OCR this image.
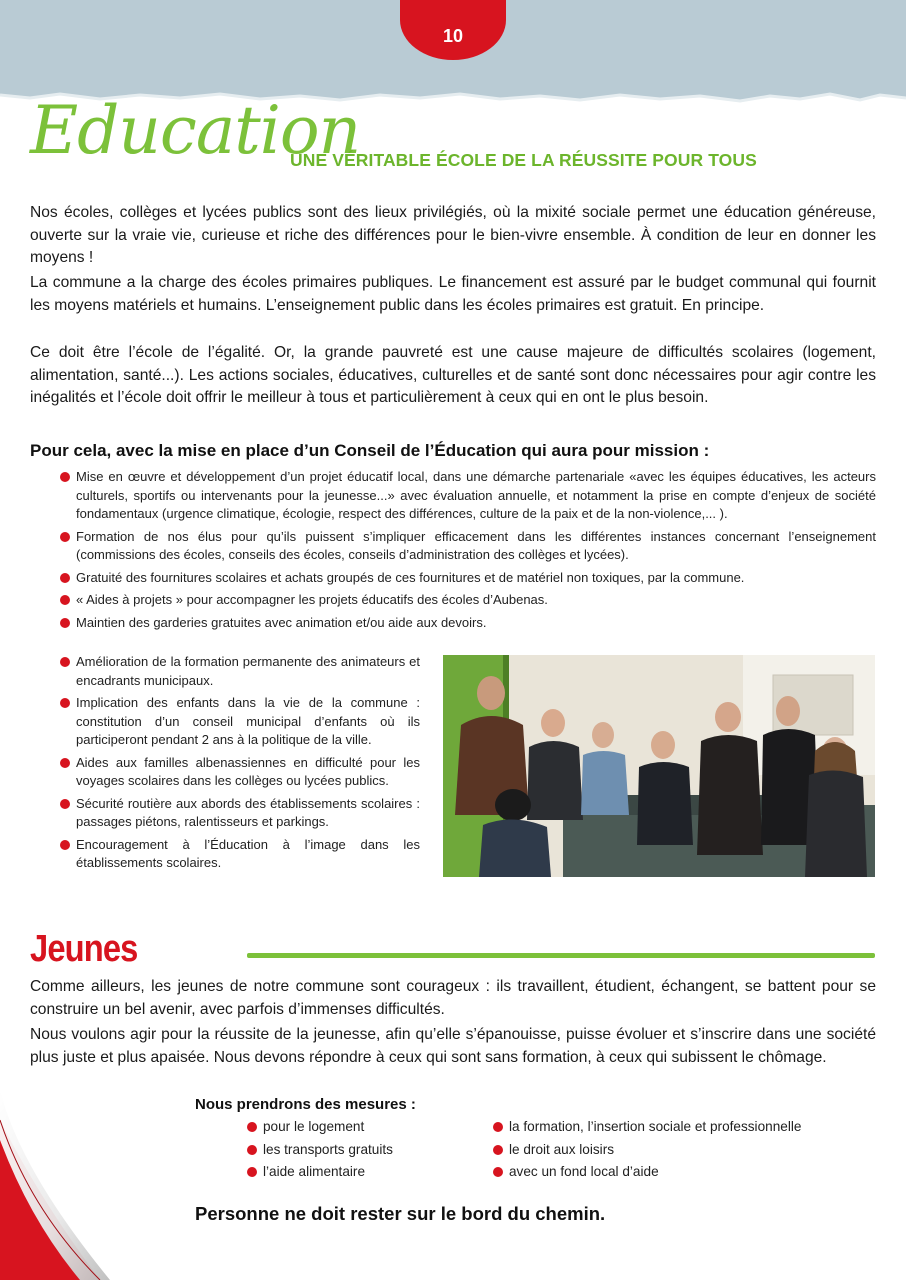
10
Education
UNE VÉRITABLE ÉCOLE DE LA RÉUSSITE POUR TOUS

Nos écoles, collèges et lycées publics sont des lieux privilégiés, où la mixité sociale permet une éducation généreuse, ouverte sur la vraie vie, curieuse et riche des différences pour le bien-vivre ensemble. À condition de leur en donner les moyens !

La commune a la charge des écoles primaires publiques. Le financement est assuré par le budget communal qui fournit les moyens matériels et humains. L’enseignement public dans les écoles primaires est gratuit. En principe.

Ce doit être l’école de l’égalité. Or, la grande pauvreté est une cause majeure de difficultés scolaires (logement, alimentation, santé...). Les actions sociales, éducatives, culturelles et de santé sont donc nécessaires pour agir contre les inégalités et l’école doit offrir le meilleur à tous et particulièrement à ceux qui en ont le plus besoin.

Pour cela, avec la mise en place d’un Conseil de l’Éducation qui aura pour mission :
Mise en œuvre et développement d’un projet éducatif local, dans une démarche partenariale «avec les équipes éducatives, les acteurs culturels, sportifs ou intervenants pour la jeunesse...» avec évaluation annuelle, et notamment la prise en compte d’enjeux de société fondamentaux (urgence climatique, écologie, respect des différences, culture de la paix et de la non-violence,... ).
Formation de nos élus pour qu’ils puissent s’impliquer efficacement dans les différentes instances concernant l’enseignement (commissions des écoles, conseils des écoles, conseils d’administration des collèges et lycées).
Gratuité des fournitures scolaires et achats groupés de ces fournitures et de matériel non toxiques, par la commune.
« Aides à projets » pour accompagner les projets éducatifs des écoles d’Aubenas.
Maintien des garderies gratuites avec animation et/ou aide aux devoirs.
Amélioration de la formation permanente des animateurs et encadrants municipaux.
Implication des enfants dans la vie de la commune : constitution d’un conseil municipal d’enfants où ils participeront pendant 2 ans à la politique de la ville.
Aides aux familles albenassiennes en difficulté pour les voyages scolaires dans les collèges ou lycées publics.
Sécurité routière aux abords des établissements scolaires : passages piétons, ralentisseurs et parkings.
Encouragement à l’Éducation à l’image dans les établissements scolaires.
Jeunes

Comme ailleurs, les jeunes de notre commune sont courageux : ils travaillent, étudient, échangent, se battent pour se construire un bel avenir, avec parfois d’immenses difficultés.

Nous voulons agir pour la réussite de la jeunesse, afin qu’elle s’épanouisse, puisse évoluer et s’inscrire dans une société plus juste et plus apaisée. Nous devons répondre à ceux qui sont sans formation, à ceux qui subissent le chômage.

Nous prendrons des mesures :
pour le logement
les transports gratuits
l’aide alimentaire
la formation, l’insertion sociale et professionnelle
le droit aux loisirs
avec un fond local d’aide
Personne ne doit rester sur le bord du chemin.
